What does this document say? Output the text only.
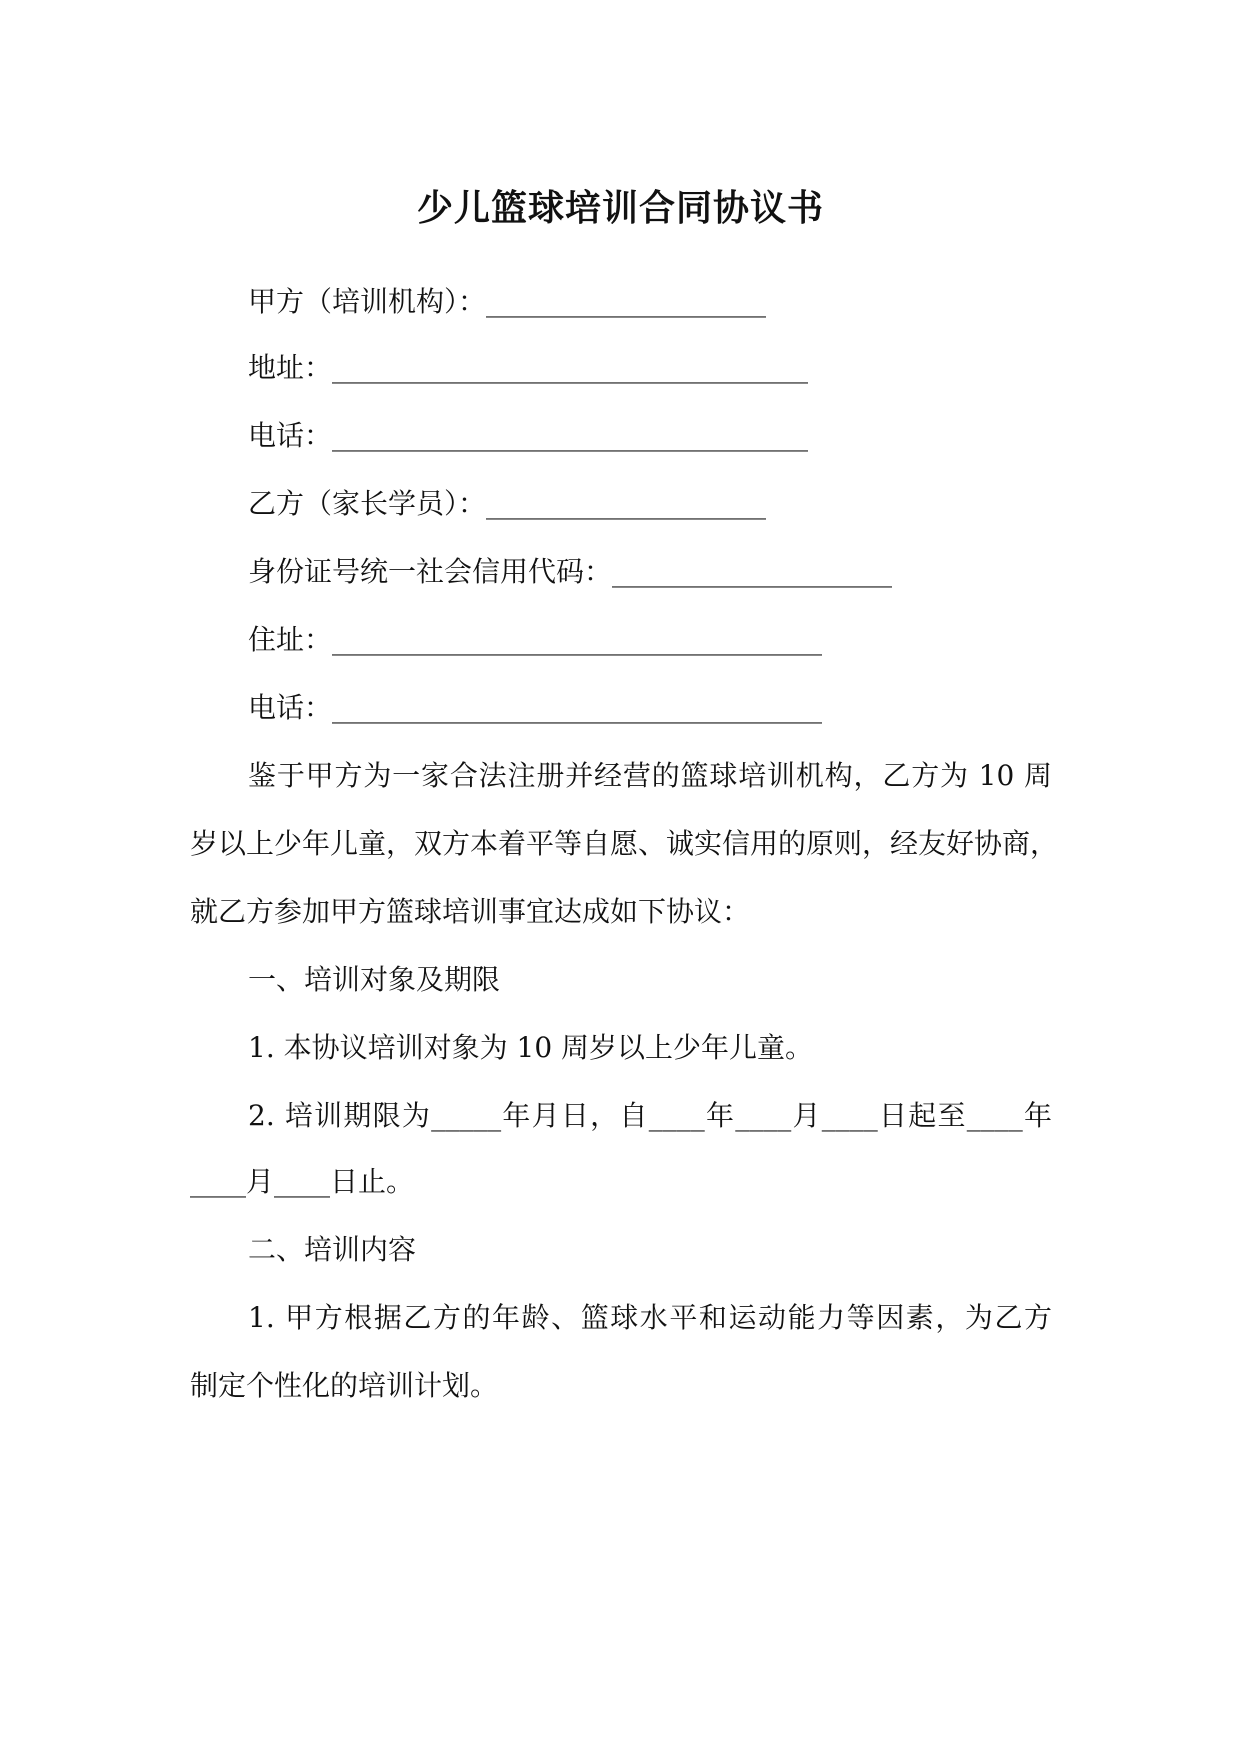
少儿篮球培训合同协议书
甲方（培训机构）：____________________
地址：__________________________________
电话：__________________________________
乙方（家长学员）：____________________
身份证号统一社会信用代码：____________________
住址：___________________________________
电话：___________________________________
鉴于甲方为一家合法注册并经营的篮球培训机构，乙方为 10 周
岁以上少年儿童，双方本着平等自愿、诚实信用的原则，经友好协商，
就乙方参加甲方篮球培训事宜达成如下协议：
一、培训对象及期限
1. 本协议培训对象为 10 周岁以上少年儿童。
2. 培训期限为_____年月日，自____年____月____日起至____年
____月____日止。
二、培训内容
1. 甲方根据乙方的年龄、篮球水平和运动能力等因素，为乙方
制定个性化的培训计划。
